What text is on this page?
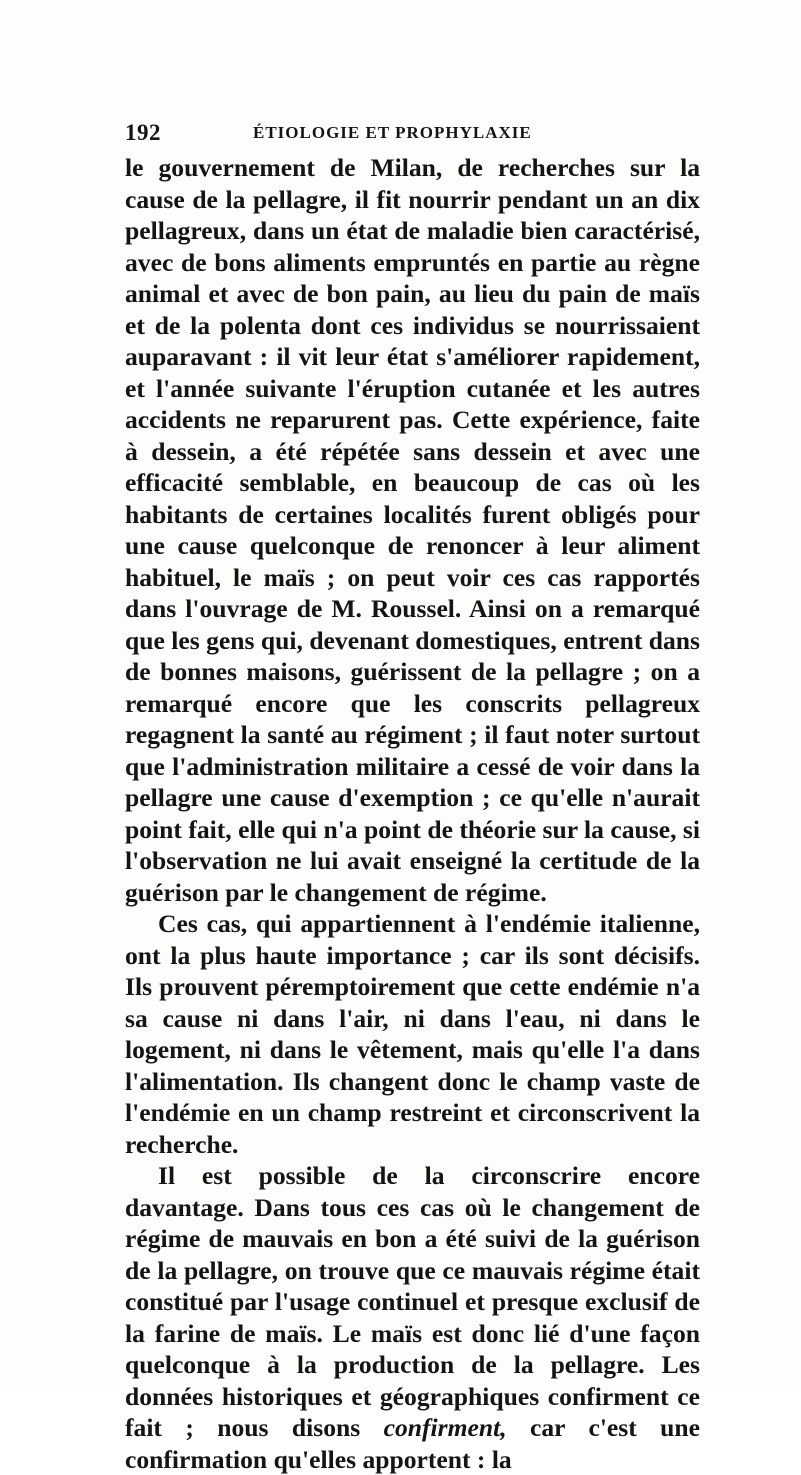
192	ÉTIOLOGIE ET PROPHYLAXIE

le gouvernement de Milan, de recherches sur la cause de la pellagre, il fit nourrir pendant un an dix pellagreux, dans un état de maladie bien caractérisé, avec de bons aliments empruntés en partie au règne animal et avec de bon pain, au lieu du pain de maïs et de la polenta dont ces individus se nourrissaient auparavant : il vit leur état s'améliorer rapidement, et l'année suivante l'éruption cutanée et les autres accidents ne reparurent pas. Cette expérience, faite à dessein, a été répétée sans dessein et avec une efficacité semblable, en beaucoup de cas où les habitants de certaines localités furent obligés pour une cause quelconque de renoncer à leur aliment habituel, le maïs ; on peut voir ces cas rapportés dans l'ouvrage de M. Roussel. Ainsi on a remarqué que les gens qui, devenant domestiques, entrent dans de bonnes maisons, guérissent de la pellagre ; on a remarqué encore que les conscrits pellagreux regagnent la santé au régiment ; il faut noter surtout que l'administration militaire a cessé de voir dans la pellagre une cause d'exemption ; ce qu'elle n'aurait point fait, elle qui n'a point de théorie sur la cause, si l'observation ne lui avait enseigné la certitude de la guérison par le changement de régime.

Ces cas, qui appartiennent à l'endémie italienne, ont la plus haute importance ; car ils sont décisifs. Ils prouvent péremptoirement que cette endémie n'a sa cause ni dans l'air, ni dans l'eau, ni dans le logement, ni dans le vêtement, mais qu'elle l'a dans l'alimentation. Ils changent donc le champ vaste de l'endémie en un champ restreint et circonscrivent la recherche.

Il est possible de la circonscrire encore davantage. Dans tous ces cas où le changement de régime de mauvais en bon a été suivi de la guérison de la pellagre, on trouve que ce mauvais régime était constitué par l'usage continuel et presque exclusif de la farine de maïs. Le maïs est donc lié d'une façon quelconque à la production de la pellagre. Les données historiques et géographiques confirment ce fait ; nous disons confirment, car c'est une confirmation qu'elles apportent : la
